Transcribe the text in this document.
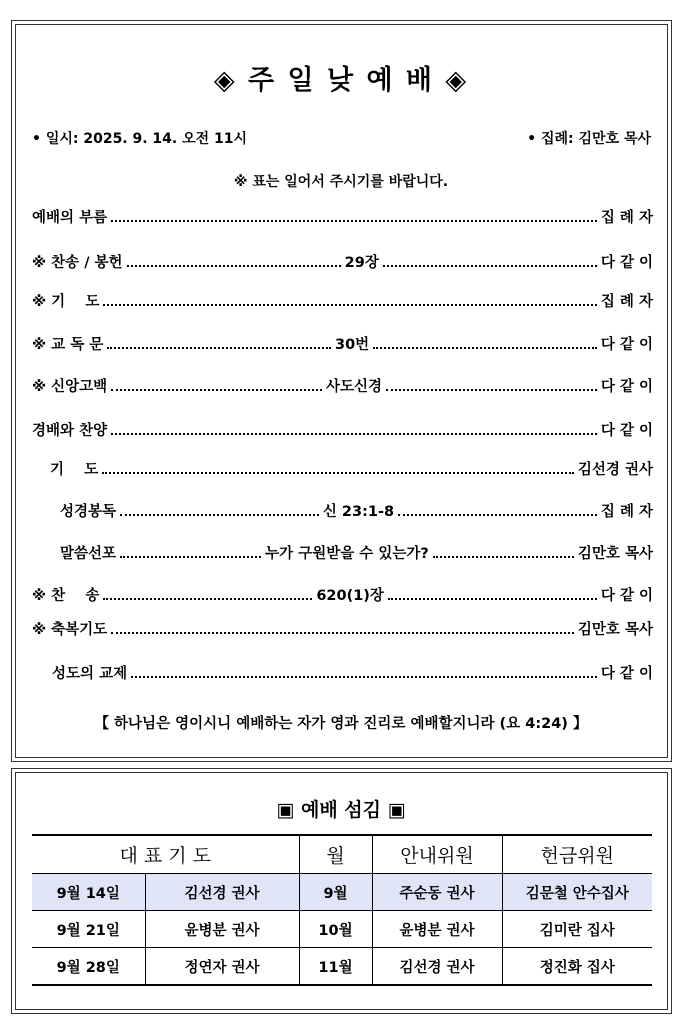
◈ 주 일 낮 예 배 ◈
• 일시: 2025. 9. 14. 오전 11시	• 집례: 김만호 목사
※ 표는 일어서 주시기를 바랍니다.
예배의 부름	집 례 자
※ 찬송 / 봉헌	29장	다 같 이
※ 기    도	집 례 자
※ 교 독 문	30번	다 같 이
※ 신앙고백	사도신경	다 같 이
경배와 찬양	다 같 이
기    도	김선경 권사
성경봉독	신 23:1-8	집 례 자
말씀선포	누가 구원받을 수 있는가?	김만호 목사
※ 찬    송	620(1)장	다 같 이
※ 축복기도	김만호 목사
성도의 교제	다 같 이
【 하나님은 영이시니 예배하는 자가 영과 진리로 예배할지니라 (요 4:24) 】
▣ 예배 섬김 ▣
대 표 기 도		월	안내위원	헌금위원
9월 14일	김선경 권사	9월	주순동 권사	김문철 안수집사
9월 21일	윤병분 권사	10월	윤병분 권사	김미란 집사
9월 28일	정연자 권사	11월	김선경 권사	정진화 집사
